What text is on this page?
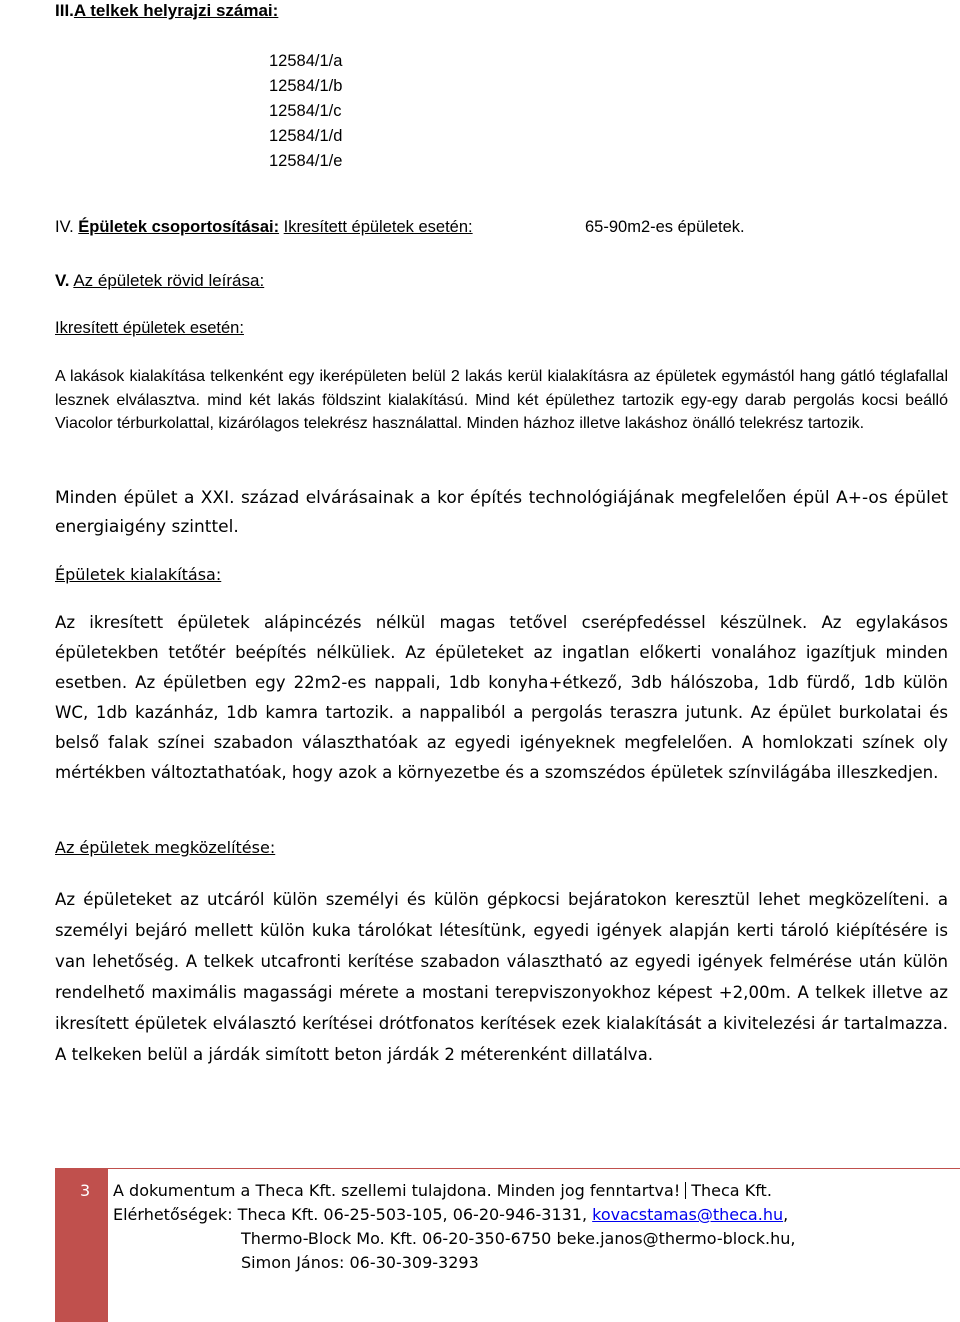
III.A telkek helyrajzi számai:
12584/1/a
12584/1/b
12584/1/c
12584/1/d
12584/1/e
IV. Épületek csoportosításai: Ikresített épületek esetén:	65-90m2-es épületek.
V. Az épületek rövid leírása:
Ikresített épületek esetén:

A lakások kialakítása telkenként egy ikerépületen belül 2 lakás kerül kialakításra az épületek egymástól hang gátló téglafallal lesznek elválasztva. mind két lakás földszint kialakítású. Mind két épülethez tartozik egy-egy darab pergolás kocsi beálló Viacolor térburkolattal, kizárólagos telekrész használattal. Minden házhoz illetve lakáshoz önálló telekrész tartozik.

Minden épület a XXI. század elvárásainak a kor építés technológiájának megfelelően épül A+-os épület energiaigény szinttel.

Épületek kialakítása:

Az ikresített épületek alápincézés nélkül magas tetővel cserépfedéssel készülnek. Az egylakásos épületekben tetőtér beépítés nélküliek. Az épületeket az ingatlan előkerti vonalához igazítjuk minden esetben. Az épületben egy 22m2-es nappali, 1db konyha+étkező, 3db hálószoba, 1db fürdő, 1db külön WC, 1db kazánház, 1db kamra tartozik. a nappaliból a pergolás teraszra jutunk. Az épület burkolatai és belső falak színei szabadon választhatóak az egyedi igényeknek megfelelően. A homlokzati színek oly mértékben változtathatóak, hogy azok a környezetbe és a szomszédos épületek színvilágába illeszkedjen.

Az épületek megközelítése:

Az épületeket az utcáról külön személyi és külön gépkocsi bejáratokon keresztül lehet megközelíteni. a személyi bejáró mellett külön kuka tárolókat létesítünk, egyedi igények alapján kerti tároló kiépítésére is van lehetőség. A telkek utcafronti kerítése szabadon választható az egyedi igények felmérése után külön rendelhető maximális magassági mérete a mostani terepviszonyokhoz képest +2,00m. A telkek illetve az ikresített épületek elválasztó kerítései drótfonatos kerítések ezek kialakítását a kivitelezési ár tartalmazza. A telkeken belül a járdák simított beton járdák 2 méterenként dillatálva.

3 A dokumentum a Theca Kft. szellemi tulajdona. Minden jog fenntartva! Theca Kft.
Elérhetőségek: Theca Kft. 06-25-503-105, 06-20-946-3131, kovacstamas@theca.hu,
Thermo-Block Mo. Kft. 06-20-350-6750 beke.janos@thermo-block.hu,
Simon János: 06-30-309-3293
